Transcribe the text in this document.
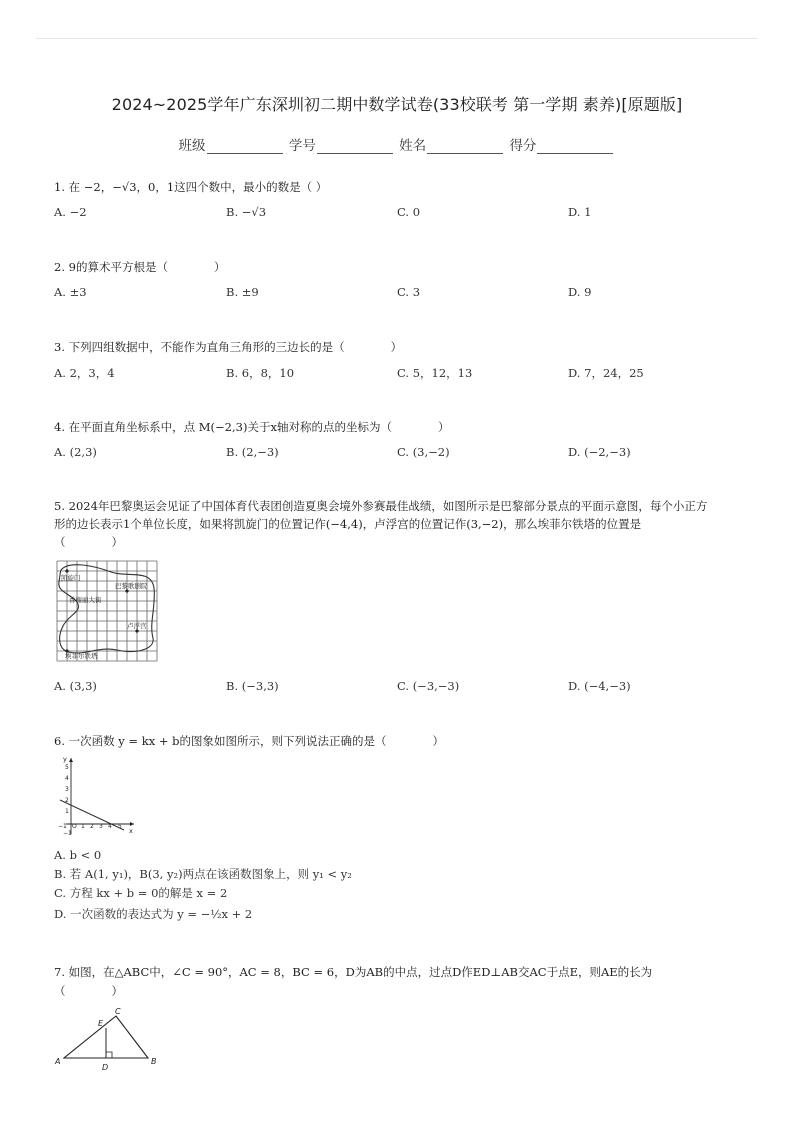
2024~2025学年广东深圳初二期中数学试卷(33校联考 第一学期 素养)[原题版]
班级	学号	姓名	得分
1. 在 −2，−√3，0，1这四个数中，最小的数是（ ）
A. −2	B. −√3	C. 0	D. 1
2. 9的算术平方根是（　　　　）
A. ±3	B. ±9	C. 3	D. 9
3. 下列四组数据中，不能作为直角三角形的三边长的是（　　　　）
A. 2，3，4	B. 6，8，10	C. 5，12，13	D. 7，24，25
4. 在平面直角坐标系中，点 M(−2,3)关于x轴对称的点的坐标为（　　　　）
A. (2,3)	B. (2,−3)	C. (3,−2)	D. (−2,−3)
5. 2024年巴黎奥运会见证了中国体育代表团创造夏奥会境外参赛最佳战绩，如图所示是巴黎部分景点的平面示意图，每个小正方
形的边长表示1个单位长度，如果将凯旋门的位置记作(−4,4)，卢浮宫的位置记作(3,−2)，那么埃菲尔铁塔的位置是
（　　　　）
凯旋门
巴黎歌剧院
香榭丽大街
卢浮宫
埃菲尔铁塔
A. (3,3)	B. (−3,3)	C. (−3,−3)	D. (−4,−3)
6. 一次函数 y = kx + b的图象如图所示，则下列说法正确的是（　　　　）
y
x
5
4
3
2
1
−1
−1 O 1 2 3 4 5
A. b < 0
B. 若 A(1, y₁)，B(3, y₂)两点在该函数图象上，则 y₁ < y₂
C. 方程 kx + b = 0的解是 x = 2
D. 一次函数的表达式为 y = −½x + 2
7. 如图，在△ABC中，∠C = 90°，AC = 8，BC = 6，D为AB的中点，过点D作ED⊥AB交AC于点E，则AE的长为
（　　　　）
A	B
C
D
E
